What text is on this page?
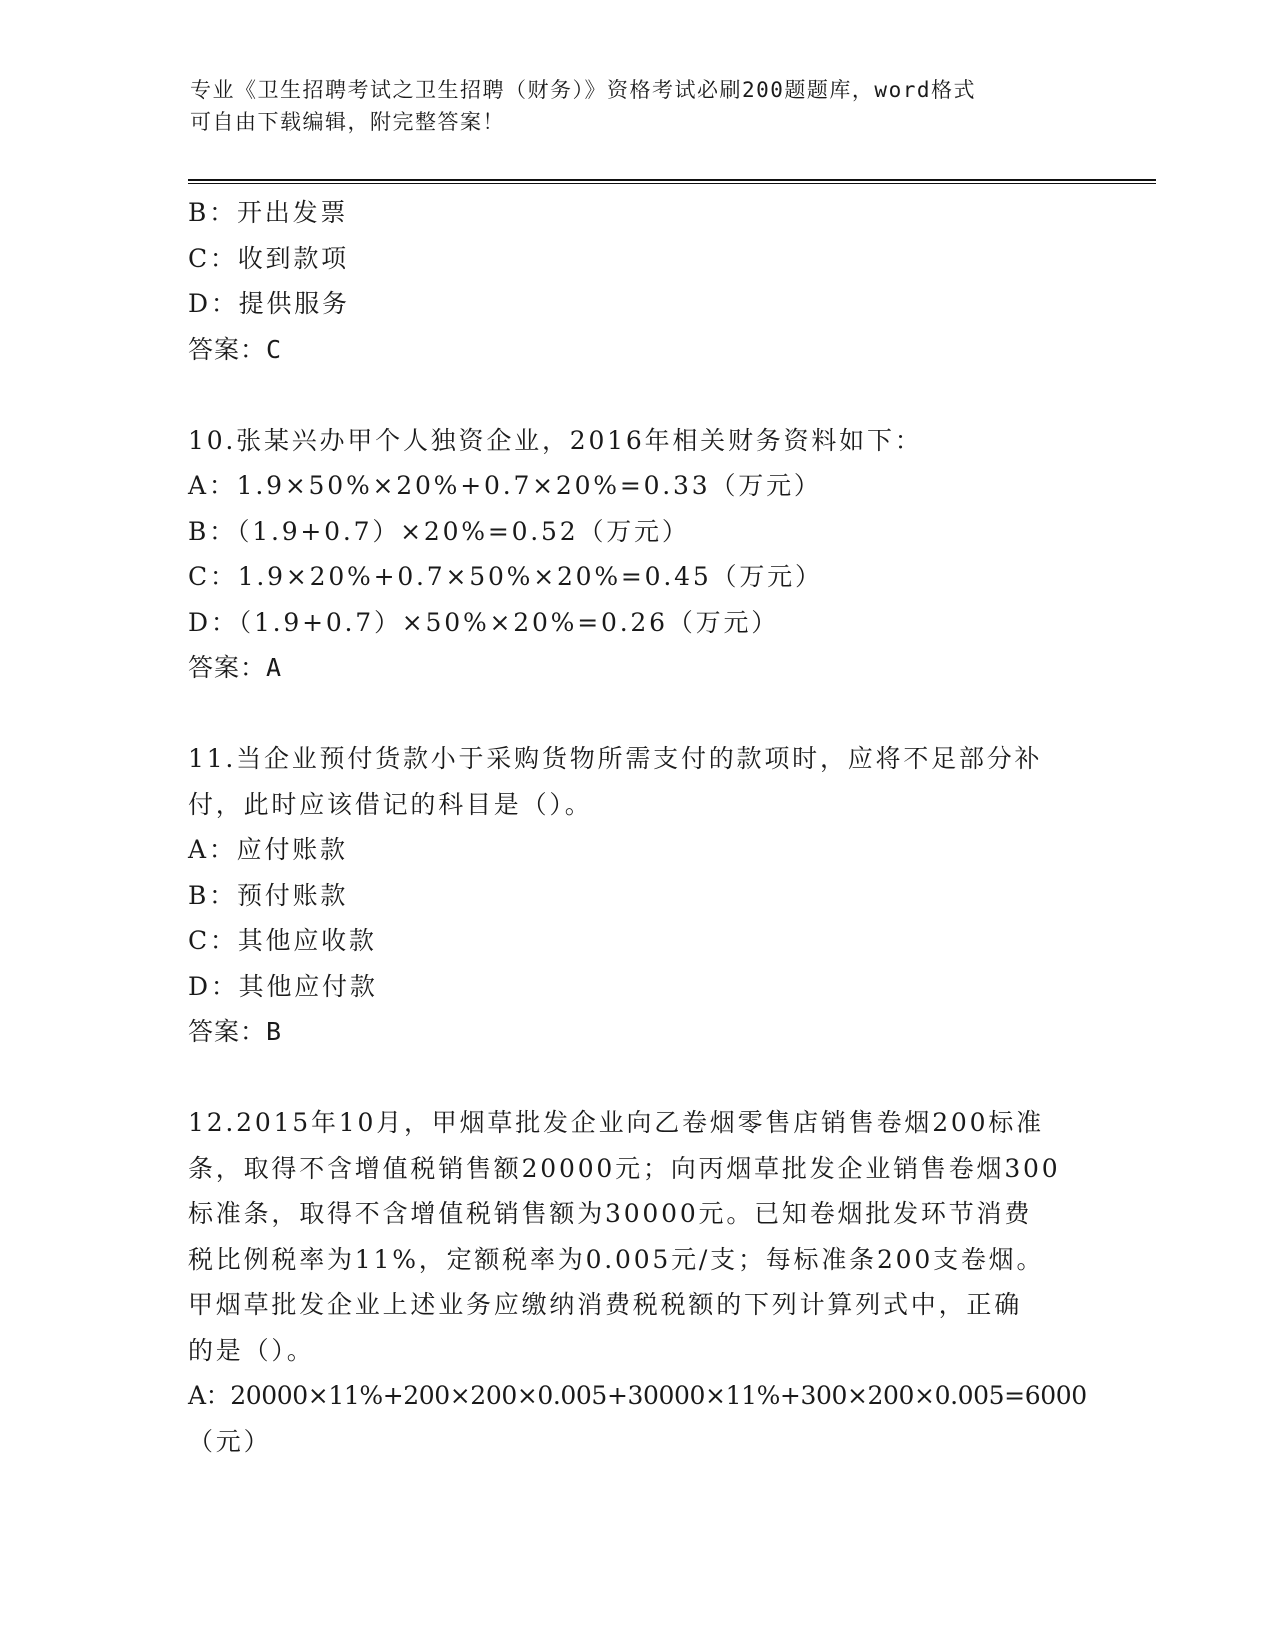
专业《卫生招聘考试之卫生招聘（财务）》资格考试必刷200题题库，word格式
可自由下载编辑，附完整答案！
B：开出发票
C：收到款项
D：提供服务
答案：C
10.张某兴办甲个人独资企业，2016年相关财务资料如下：
A：1.9×50%×20%+0.7×20%=0.33（万元）
B：（1.9+0.7）×20%=0.52（万元）
C：1.9×20%+0.7×50%×20%=0.45（万元）
D：（1.9+0.7）×50%×20%=0.26（万元）
答案：A
11.当企业预付货款小于采购货物所需支付的款项时，应将不足部分补
付，此时应该借记的科目是（）。
A：应付账款
B：预付账款
C：其他应收款
D：其他应付款
答案：B
12.2015年10月，甲烟草批发企业向乙卷烟零售店销售卷烟200标准
条，取得不含增值税销售额20000元；向丙烟草批发企业销售卷烟300
标准条，取得不含增值税销售额为30000元。已知卷烟批发环节消费
税比例税率为11%，定额税率为0.005元/支；每标准条200支卷烟。
甲烟草批发企业上述业务应缴纳消费税税额的下列计算列式中，正确
的是（）。
A：20000×11%+200×200×0.005+30000×11%+300×200×0.005=6000
（元）
